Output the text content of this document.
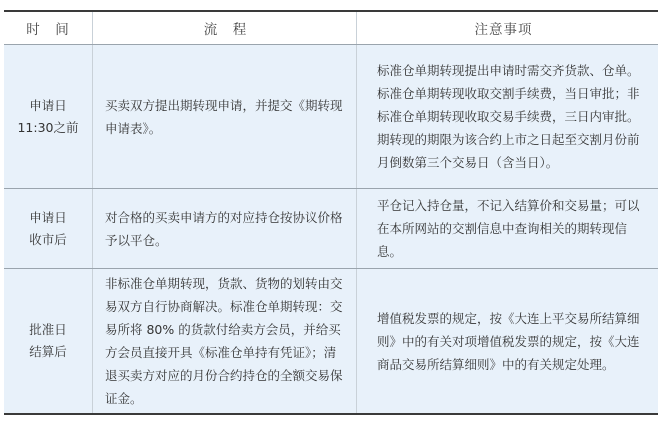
时　间	流　程	注意事项
申请日
11:30之前
买卖双方提出期转现申请，并提交《期转现申请表》。
标准仓单期转现提出申请时需交齐货款、仓单。标准仓单期转现收取交割手续费，当日审批；非标准仓单期转现收取交易手续费，三日内审批。期转现的期限为该合约上市之日起至交割月份前月倒数第三个交易日（含当日）。
申请日
收市后
对合格的买卖申请方的对应持仓按协议价格予以平仓。
平仓记入持仓量，不记入结算价和交易量；可以在本所网站的交割信息中查询相关的期转现信息。
批准日
结算后
非标准仓单期转现，货款、货物的划转由交易双方自行协商解决。标准仓单期转现：交易所将 80% 的货款付给卖方会员，并给买方会员直接开具《标准仓单持有凭证》；清退买卖方对应的月份合约持仓的全额交易保证金。
增值税发票的规定，按《大连上平交易所结算细则》中的有关对项增值税发票的规定，按《大连商品交易所结算细则》中的有关规定处理。
